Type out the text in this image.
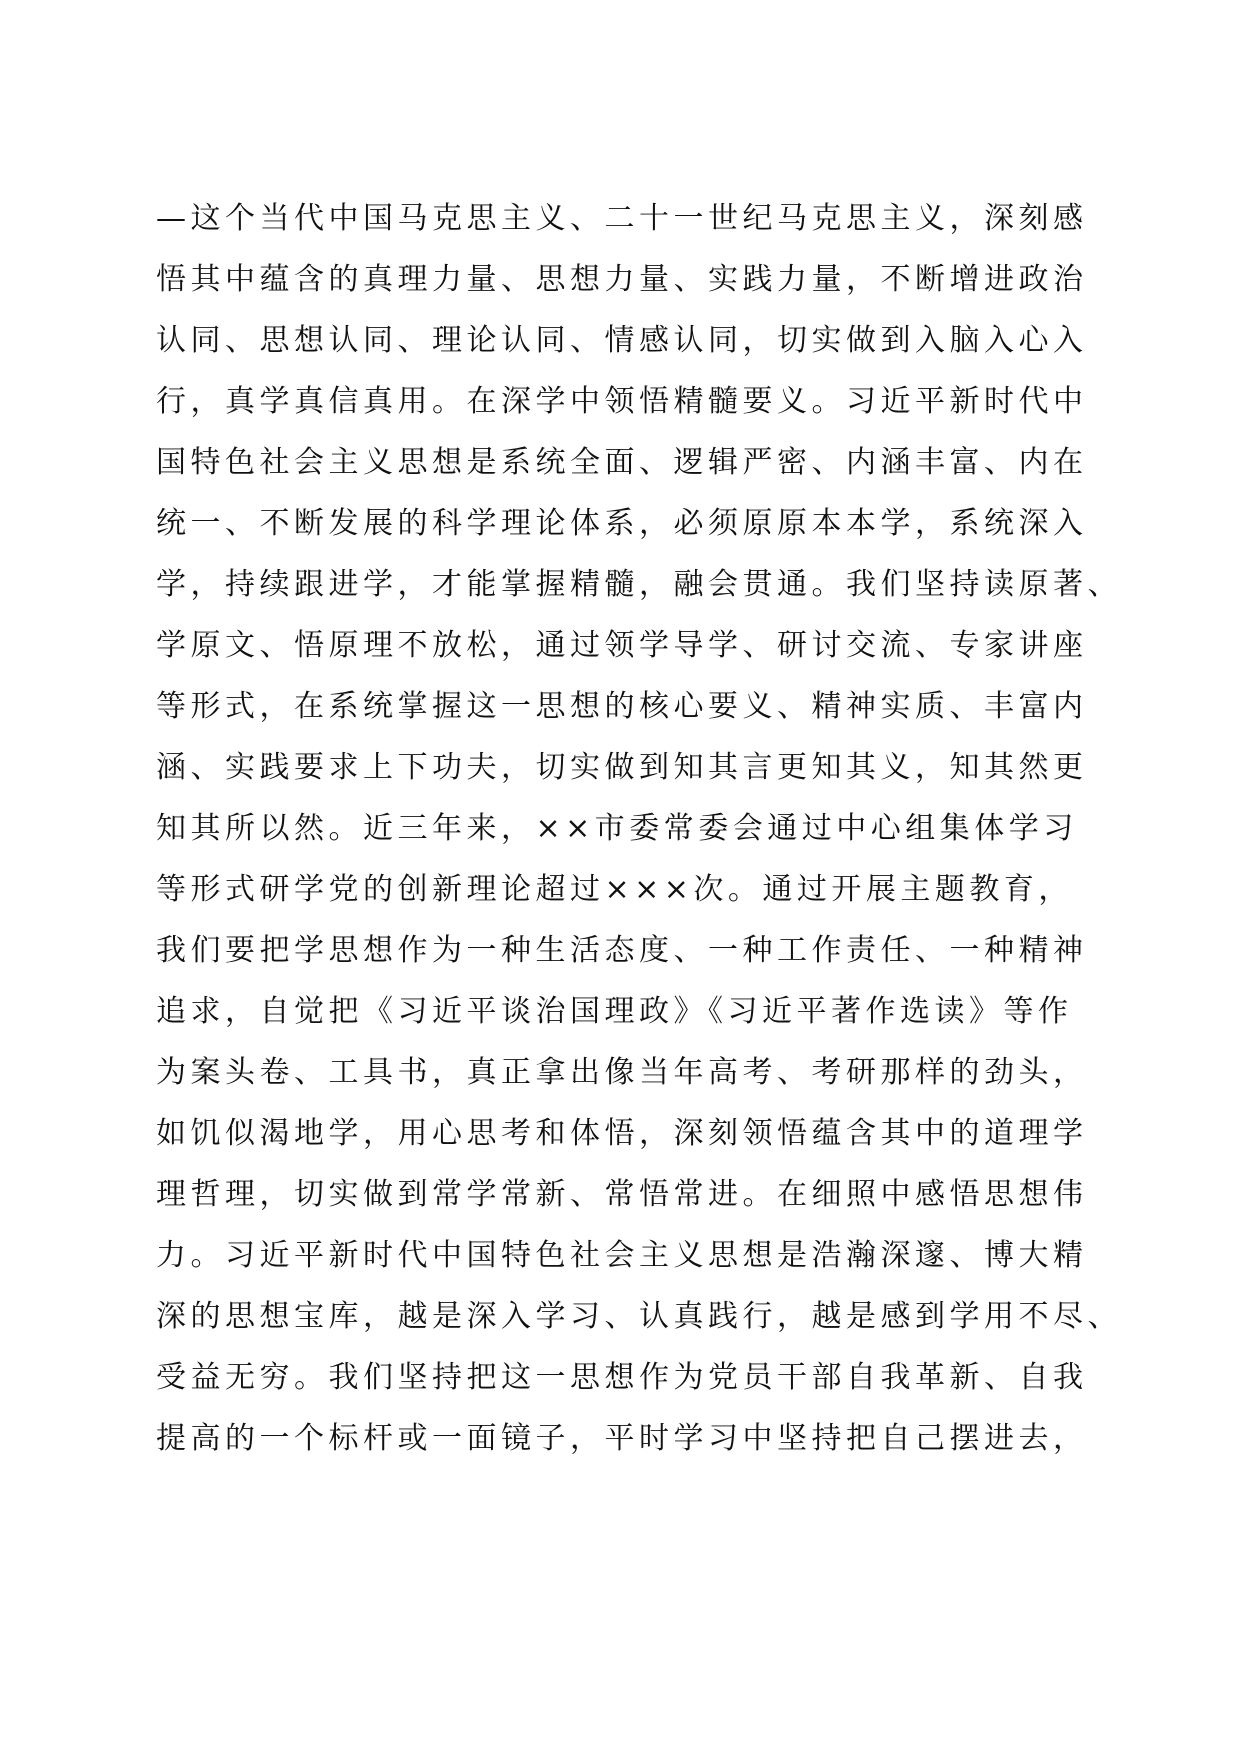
—这个当代中国马克思主义、二十一世纪马克思主义，深刻感
悟其中蕴含的真理力量、思想力量、实践力量，不断增进政治
认同、思想认同、理论认同、情感认同，切实做到入脑入心入
行，真学真信真用。在深学中领悟精髓要义。习近平新时代中
国特色社会主义思想是系统全面、逻辑严密、内涵丰富、内在
统一、不断发展的科学理论体系，必须原原本本学，系统深入
学，持续跟进学，才能掌握精髓，融会贯通。我们坚持读原著、
学原文、悟原理不放松，通过领学导学、研讨交流、专家讲座
等形式，在系统掌握这一思想的核心要义、精神实质、丰富内
涵、实践要求上下功夫，切实做到知其言更知其义，知其然更
知其所以然。近三年来，××市委常委会通过中心组集体学习
等形式研学党的创新理论超过×××次。通过开展主题教育，
我们要把学思想作为一种生活态度、一种工作责任、一种精神
追求，自觉把《习近平谈治国理政》《习近平著作选读》等作
为案头卷、工具书，真正拿出像当年高考、考研那样的劲头，
如饥似渴地学，用心思考和体悟，深刻领悟蕴含其中的道理学
理哲理，切实做到常学常新、常悟常进。在细照中感悟思想伟
力。习近平新时代中国特色社会主义思想是浩瀚深邃、博大精
深的思想宝库，越是深入学习、认真践行，越是感到学用不尽、
受益无穷。我们坚持把这一思想作为党员干部自我革新、自我
提高的一个标杆或一面镜子，平时学习中坚持把自己摆进去，
